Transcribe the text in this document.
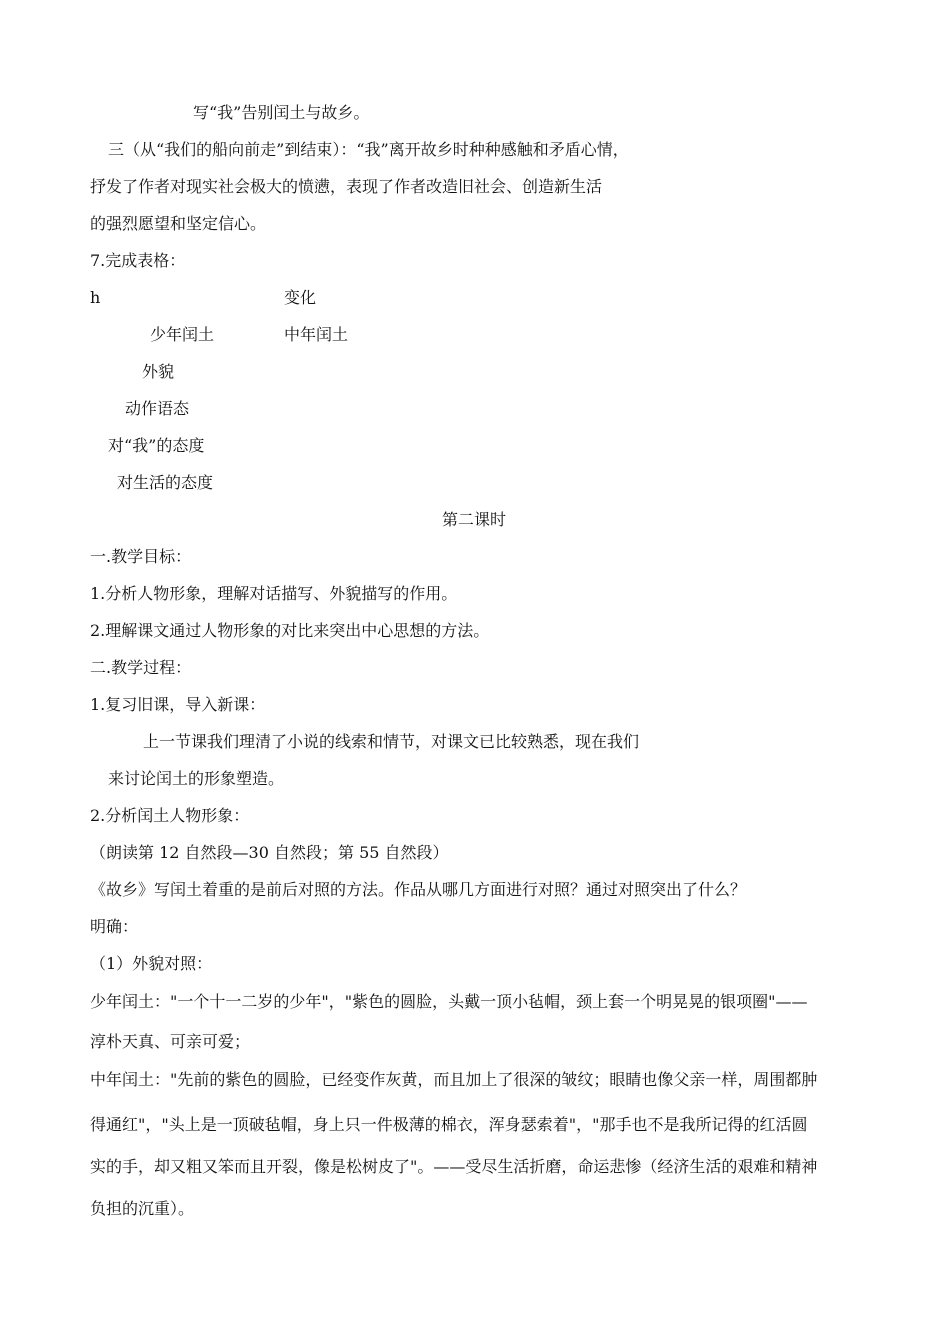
写“我”告别闰土与故乡。
三（从“我们的船向前走”到结束）：“我”离开故乡时种种感触和矛盾心情，
抒发了作者对现实社会极大的愤懑，表现了作者改造旧社会、创造新生活
的强烈愿望和坚定信心。
7.完成表格：
h	变化
少年闰土	中年闰土
外貌
动作语态
对“我”的态度
对生活的态度
第二课时
一.教学目标：
1.分析人物形象，理解对话描写、外貌描写的作用。
2.理解课文通过人物形象的对比来突出中心思想的方法。
二.教学过程：
1.复习旧课，导入新课：
上一节课我们理清了小说的线索和情节，对课文已比较熟悉，现在我们
来讨论闰土的形象塑造。
2.分析闰土人物形象：
（朗读第 12 自然段—30 自然段；第 55 自然段）
《故乡》写闰土着重的是前后对照的方法。作品从哪几方面进行对照？通过对照突出了什么？
明确：
（1）外貌对照：
少年闰土："一个十一二岁的少年"，"紫色的圆脸，头戴一顶小毡帽，颈上套一个明晃晃的银项圈"——
淳朴天真、可亲可爱；
中年闰土："先前的紫色的圆脸，已经变作灰黄，而且加上了很深的皱纹；眼睛也像父亲一样，周围都肿
得通红"，"头上是一顶破毡帽，身上只一件极薄的棉衣，浑身瑟索着"，"那手也不是我所记得的红活圆
实的手，却又粗又笨而且开裂，像是松树皮了"。——受尽生活折磨，命运悲惨（经济生活的艰难和精神
负担的沉重）。
